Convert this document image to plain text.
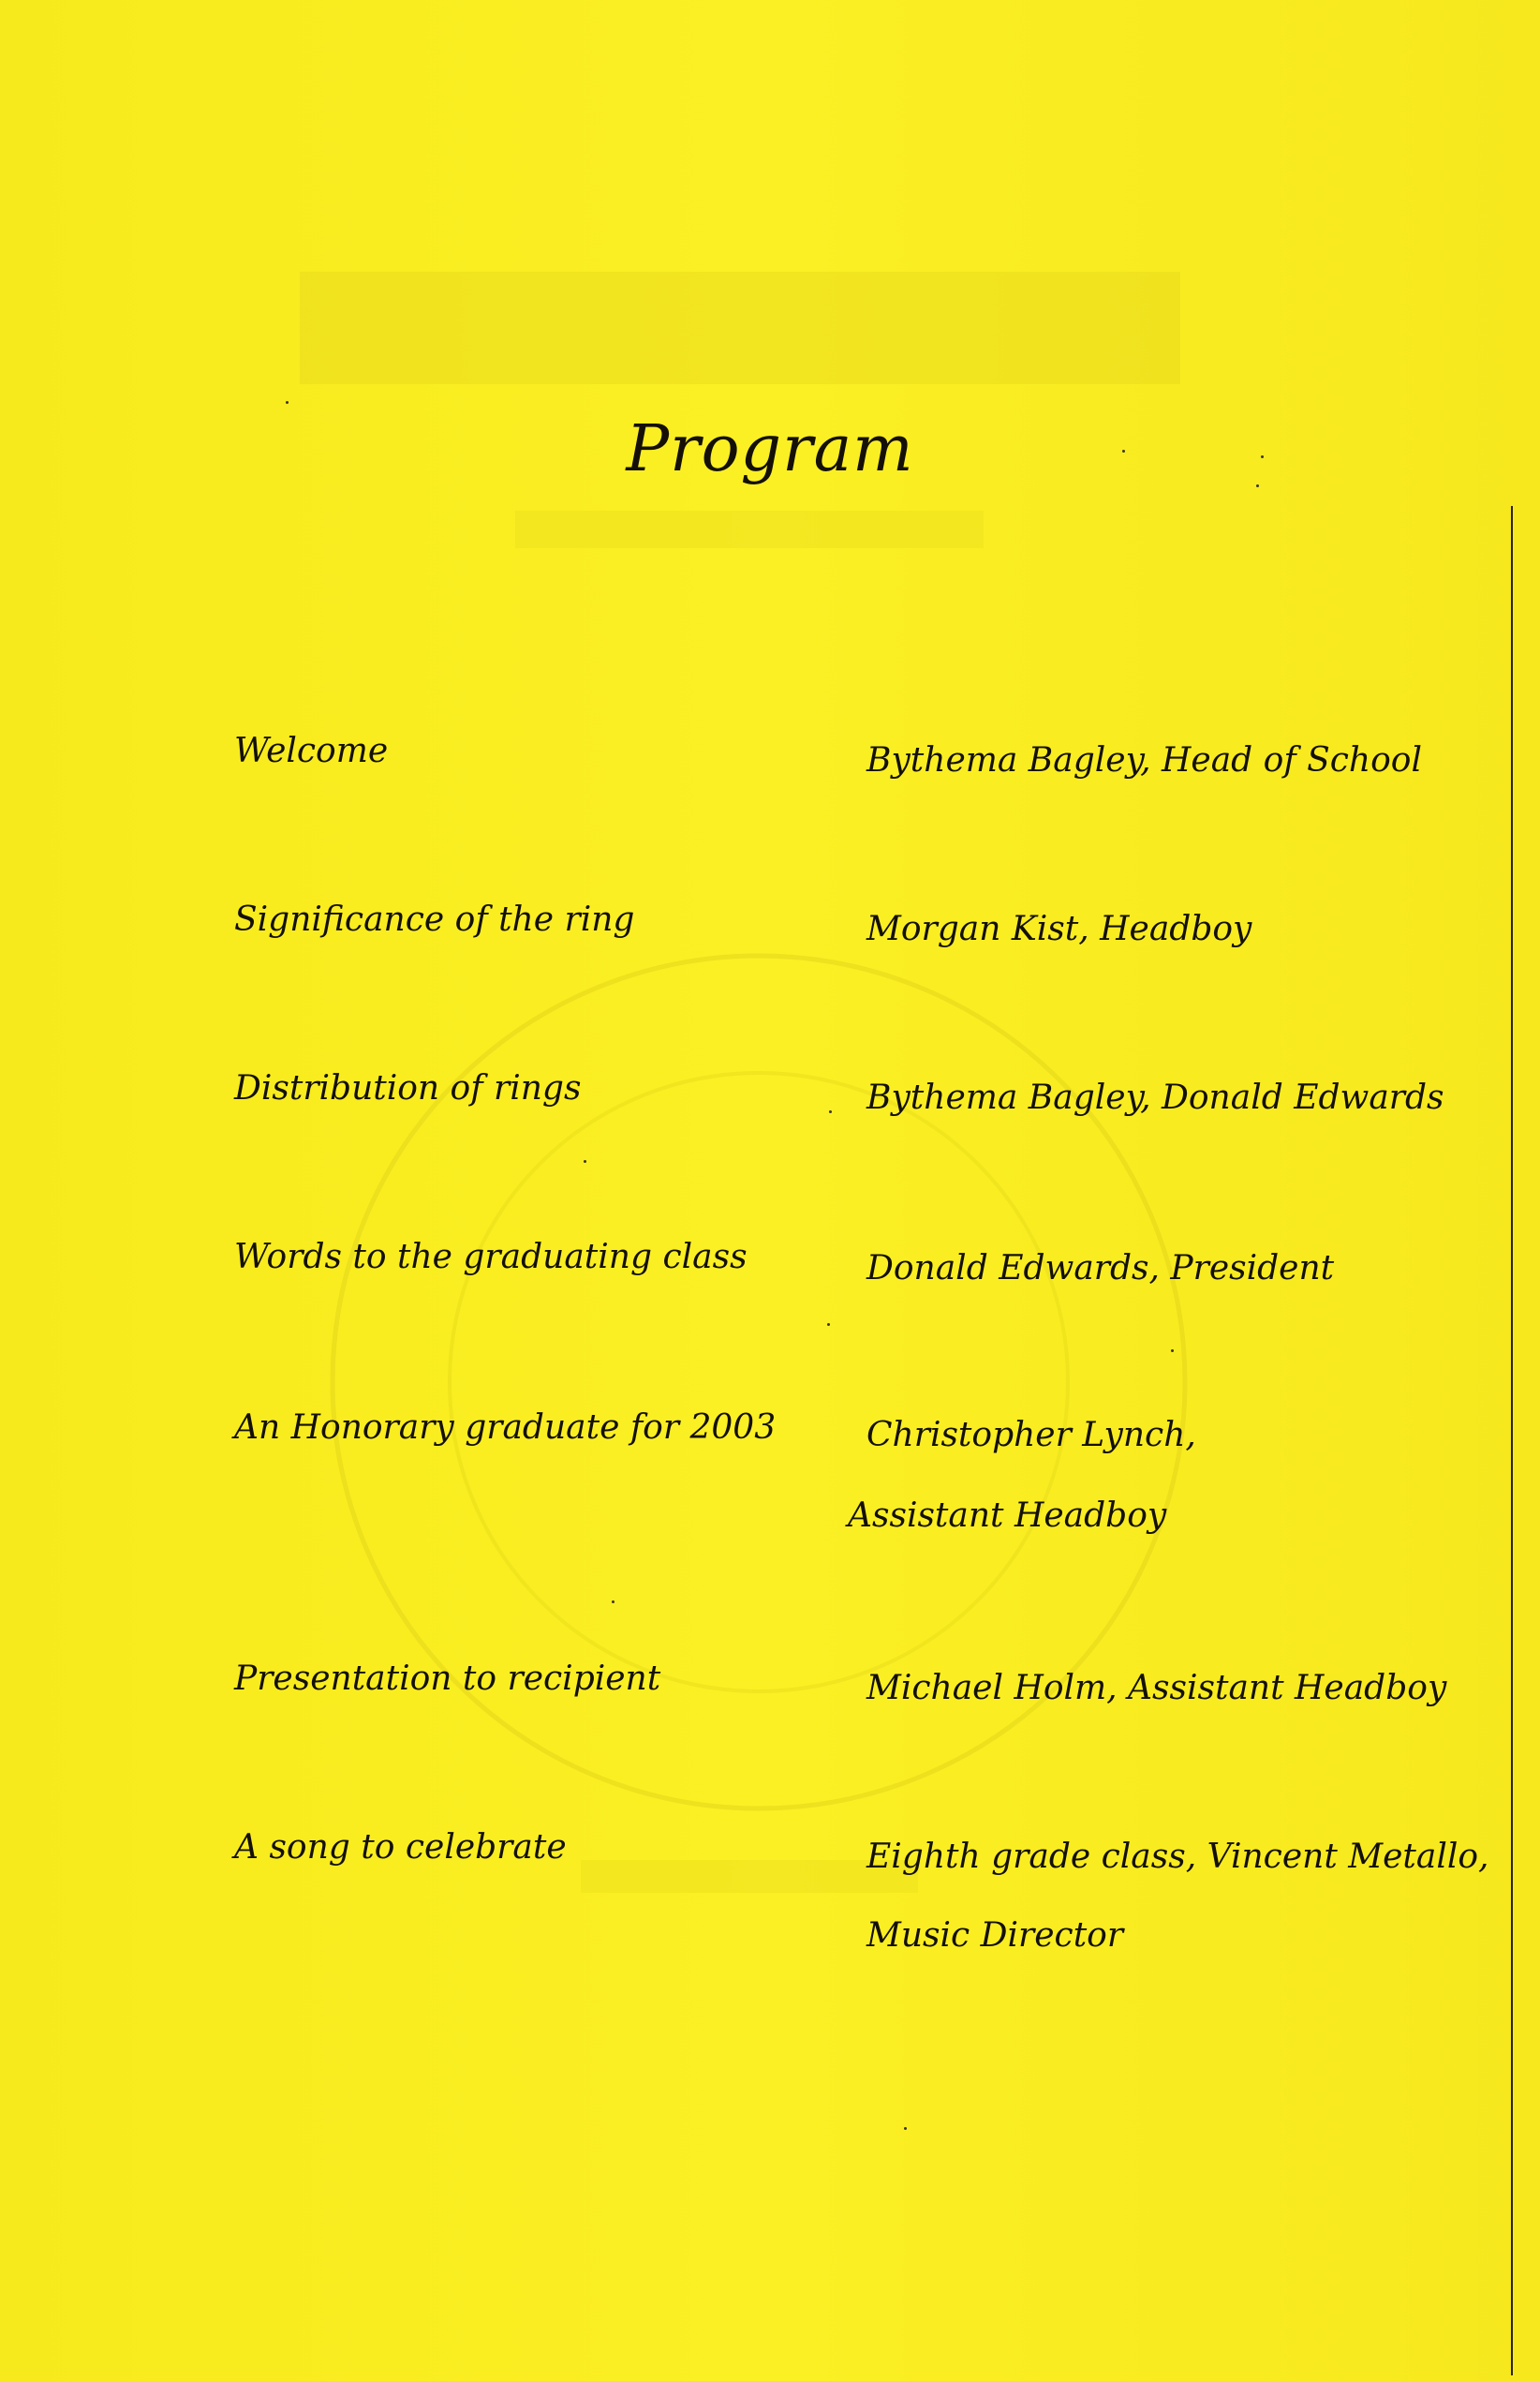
Program
Welcome	Bythema Bagley, Head of School
Significance of the ring	Morgan Kist, Headboy
Distribution of rings	Bythema Bagley, Donald Edwards
Words to the graduating class	Donald Edwards, President
An Honorary graduate for 2003	Christopher Lynch,
Assistant Headboy
Presentation to recipient	Michael Holm, Assistant Headboy
A song to celebrate	Eighth grade class, Vincent Metallo,
Music Director
